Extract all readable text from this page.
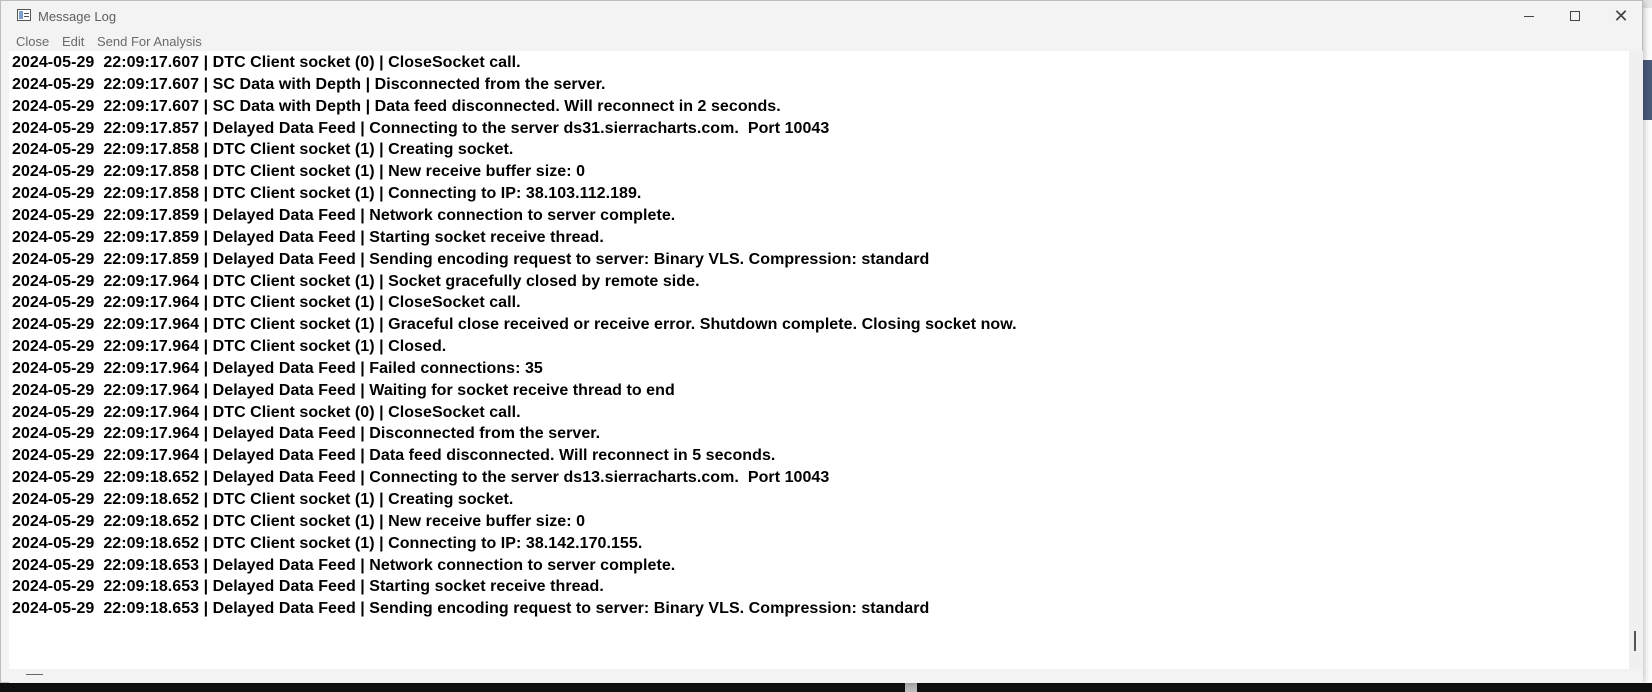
Message Log	✕
Close Edit Send For Analysis
2024-05-29  22:09:17.607 | DTC Client socket (0) | CloseSocket call.
2024-05-29  22:09:17.607 | SC Data with Depth | Disconnected from the server.
2024-05-29  22:09:17.607 | SC Data with Depth | Data feed disconnected. Will reconnect in 2 seconds.
2024-05-29  22:09:17.857 | Delayed Data Feed | Connecting to the server ds31.sierracharts.com.  Port 10043
2024-05-29  22:09:17.858 | DTC Client socket (1) | Creating socket.
2024-05-29  22:09:17.858 | DTC Client socket (1) | New receive buffer size: 0
2024-05-29  22:09:17.858 | DTC Client socket (1) | Connecting to IP: 38.103.112.189.
2024-05-29  22:09:17.859 | Delayed Data Feed | Network connection to server complete.
2024-05-29  22:09:17.859 | Delayed Data Feed | Starting socket receive thread.
2024-05-29  22:09:17.859 | Delayed Data Feed | Sending encoding request to server: Binary VLS. Compression: standard
2024-05-29  22:09:17.964 | DTC Client socket (1) | Socket gracefully closed by remote side.
2024-05-29  22:09:17.964 | DTC Client socket (1) | CloseSocket call.
2024-05-29  22:09:17.964 | DTC Client socket (1) | Graceful close received or receive error. Shutdown complete. Closing socket now.
2024-05-29  22:09:17.964 | DTC Client socket (1) | Closed.
2024-05-29  22:09:17.964 | Delayed Data Feed | Failed connections: 35
2024-05-29  22:09:17.964 | Delayed Data Feed | Waiting for socket receive thread to end
2024-05-29  22:09:17.964 | DTC Client socket (0) | CloseSocket call.
2024-05-29  22:09:17.964 | Delayed Data Feed | Disconnected from the server.
2024-05-29  22:09:17.964 | Delayed Data Feed | Data feed disconnected. Will reconnect in 5 seconds.
2024-05-29  22:09:18.652 | Delayed Data Feed | Connecting to the server ds13.sierracharts.com.  Port 10043
2024-05-29  22:09:18.652 | DTC Client socket (1) | Creating socket.
2024-05-29  22:09:18.652 | DTC Client socket (1) | New receive buffer size: 0
2024-05-29  22:09:18.652 | DTC Client socket (1) | Connecting to IP: 38.142.170.155.
2024-05-29  22:09:18.653 | Delayed Data Feed | Network connection to server complete.
2024-05-29  22:09:18.653 | Delayed Data Feed | Starting socket receive thread.
2024-05-29  22:09:18.653 | Delayed Data Feed | Sending encoding request to server: Binary VLS. Compression: standard
